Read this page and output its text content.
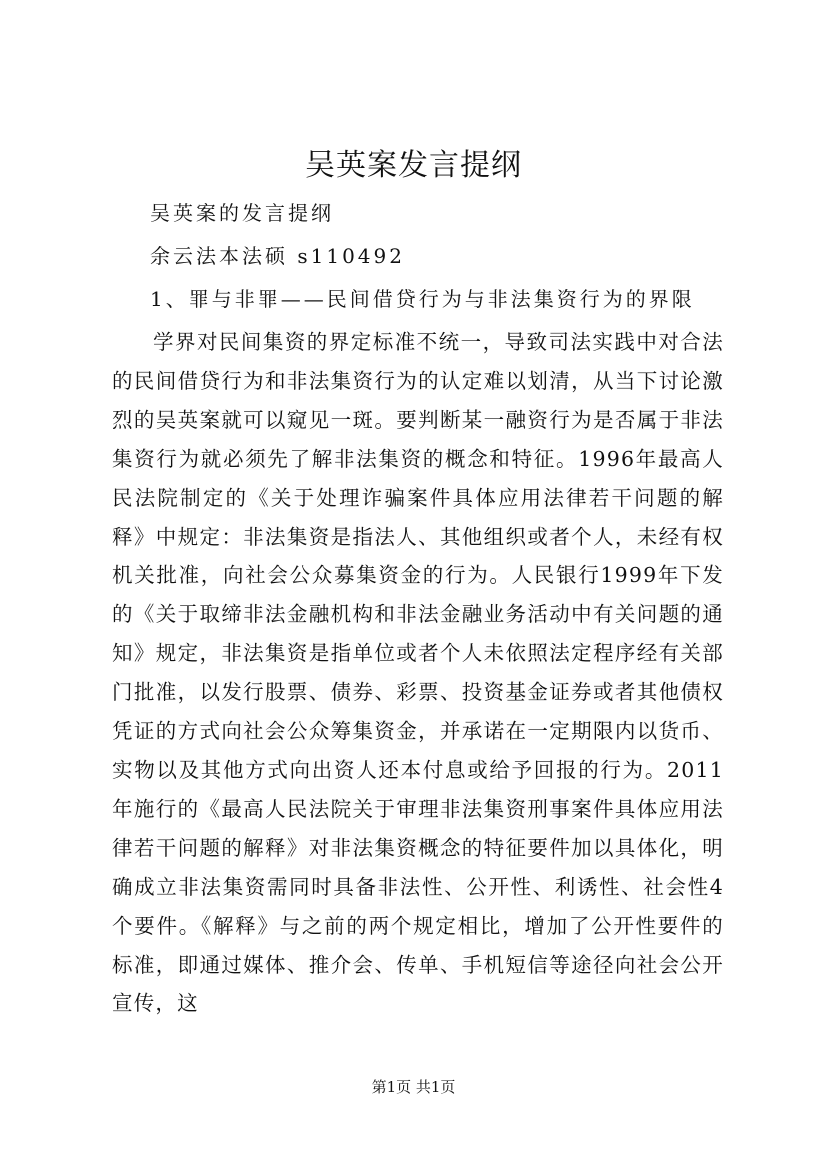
吴英案发言提纲
吴英案的发言提纲
余云法本法硕 s110492
1、罪与非罪——民间借贷行为与非法集资行为的界限

学界对民间集资的界定标准不统一，导致司法实践中对合法的民间借贷行为和非法集资行为的认定难以划清，从当下讨论激烈的吴英案就可以窥见一斑。要判断某一融资行为是否属于非法集资行为就必须先了解非法集资的概念和特征。1996年最高人民法院制定的《关于处理诈骗案件具体应用法律若干问题的解释》中规定：非法集资是指法人、其他组织或者个人，未经有权机关批准，向社会公众募集资金的行为。人民银行1999年下发的《关于取缔非法金融机构和非法金融业务活动中有关问题的通知》规定，非法集资是指单位或者个人未依照法定程序经有关部门批准，以发行股票、债券、彩票、投资基金证券或者其他债权凭证的方式向社会公众筹集资金，并承诺在一定期限内以货币、实物以及其他方式向出资人还本付息或给予回报的行为。2011年施行的《最高人民法院关于审理非法集资刑事案件具体应用法律若干问题的解释》对非法集资概念的特征要件加以具体化，明确成立非法集资需同时具备非法性、公开性、利诱性、社会性4个要件。《解释》与之前的两个规定相比，增加了公开性要件的标准，即通过媒体、推介会、传单、手机短信等途径向社会公开宣传，这

第1页 共1页
